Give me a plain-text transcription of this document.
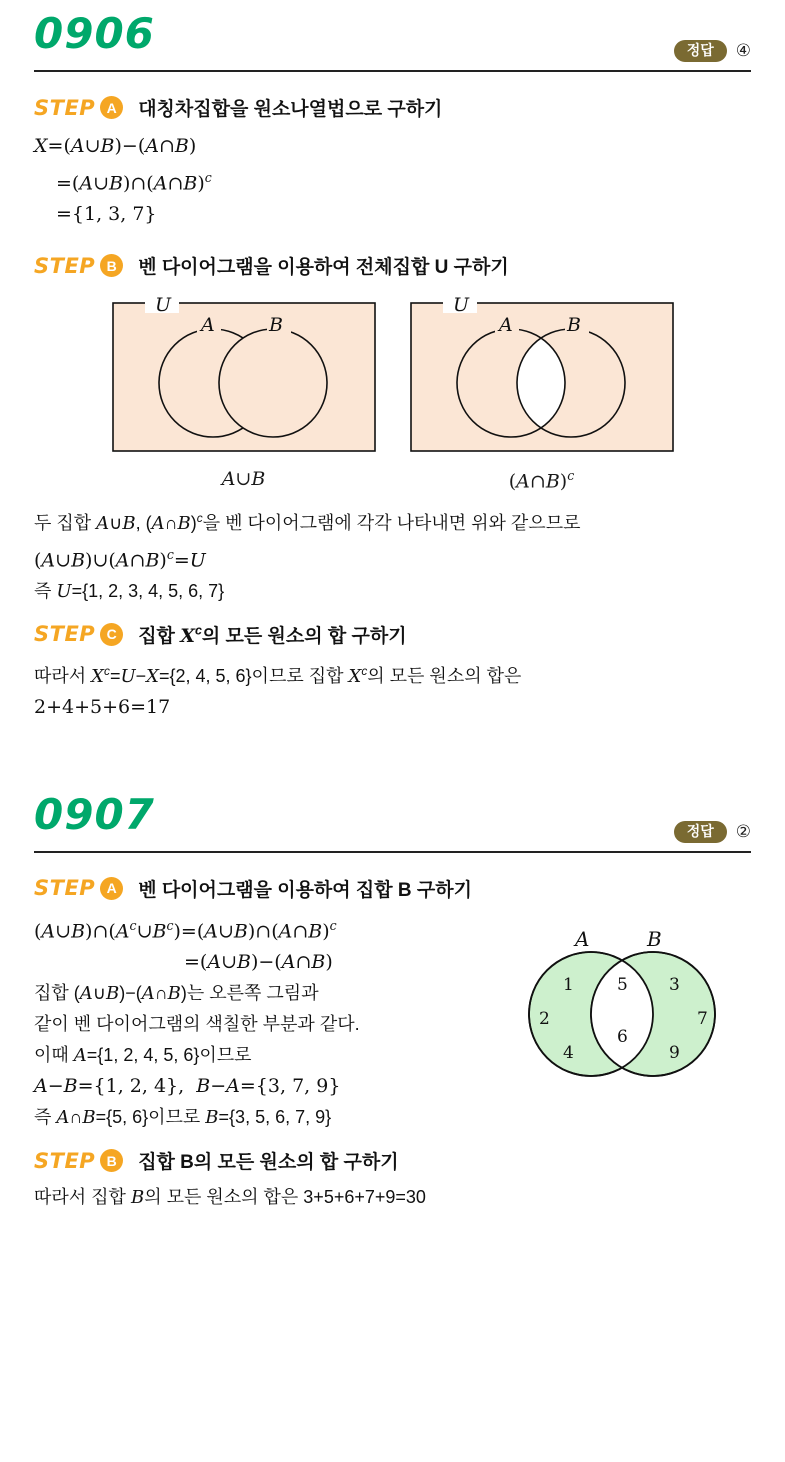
0906	정답	④
STEP A	대칭차집합을 원소나열법으로 구하기
X=(A∪B)−(A∩B)
=(A∪B)∩(A∩B)$^c$
={1, 3, 7}
STEP B	벤 다이어그램을 이용하여 전체집합 U 구하기
U
A	B
A∪B
U
A	B
(A∩B)$^c$
두 집합 A∪B, (A∩B)$^c$을 벤 다이어그램에 각각 나타내면 위와 같으므로
(A∪B)∪(A∩B)$^c$=U
즉 U={1, 2, 3, 4, 5, 6, 7}
STEP C	집합 $X^c$의 모든 원소의 합 구하기
따라서 $X^c=U-X=\{2$, 4, 5, 6}이므로 집합 $X^c$의 모든 원소의 합은
2+4+5+6=17
0907	정답	②
STEP A	벤 다이어그램을 이용하여 집합 B 구하기
$(A\cup B)\cap(A^c\cup B^c)=(A\cup B)\cap(A\cap B)^c$
=(A∪B)−(A∩B)
집합 (A∪B)−(A∩B)는 오른쪽 그림과
같이 벤 다이어그램의 색칠한 부분과 같다.
이때 A={1, 2, 4, 5, 6}이므로
A−B={1, 2, 4},  B−A={3, 7, 9}
즉 A∩B={5, 6}이므로 B={3, 5, 6, 7, 9}
A	B
1
2
4
5
6
3
7
9
STEP B	집합 B의 모든 원소의 합 구하기
따라서 집합 B의 모든 원소의 합은 3+5+6+7+9=30
